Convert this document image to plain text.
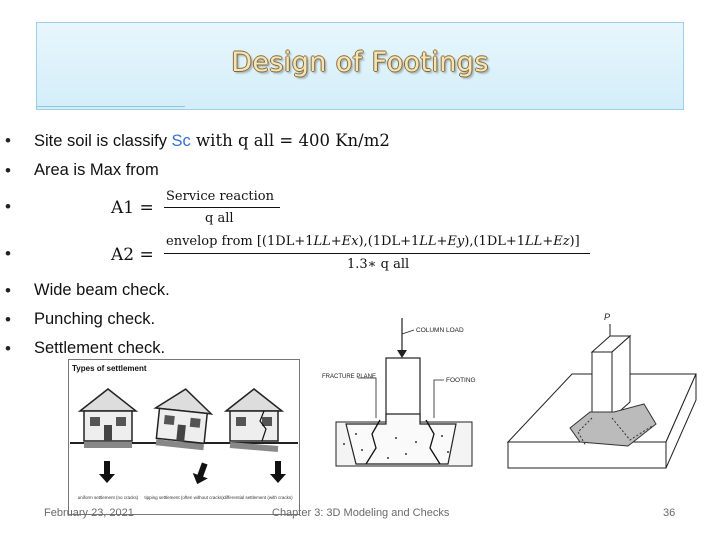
Design of Footings
• Site soil is classify Sc with q all = 400 Kn/m2
• Area is Max from
•	A1 =
Service reaction
q all
•	A2 =
envelop from [(1DL+1LL+Ex),(1DL+1LL+Ey),(1DL+1LL+Ez)]
1.3∗ q all
• Wide beam check.
• Punching check.
• Settlement check.
Types of settlement
uniform settlement (no cracks) tipping settlement (often without cracks) differential settlement (with cracks)
COLUMN LOAD
FRACTURE PLANE	FOOTING
P
February 23, 2021	Chapter 3: 3D Modeling and Checks	36
